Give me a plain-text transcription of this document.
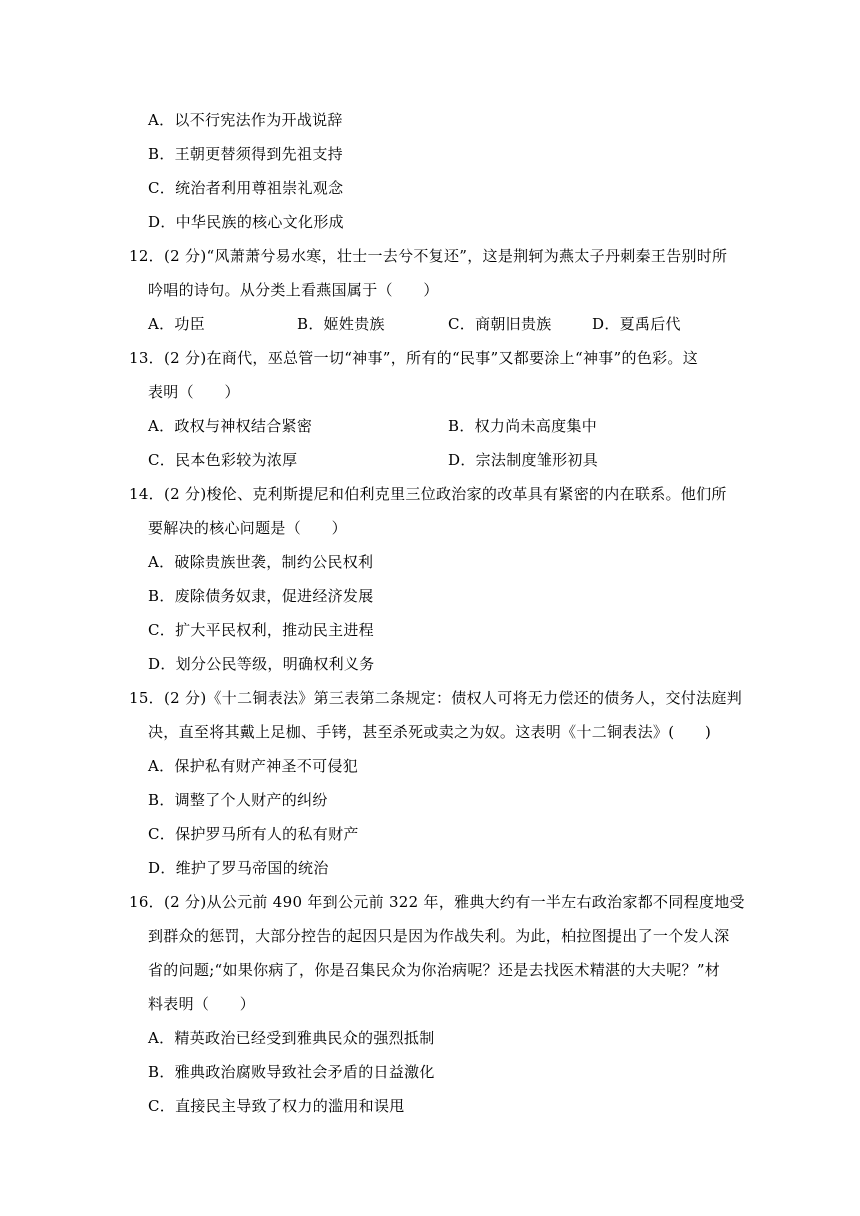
A．以不行宪法作为开战说辞
B．王朝更替须得到先祖支持
C．统治者利用尊祖崇礼观念
D．中华民族的核心文化形成
12．(2 分)“风萧萧兮易水寒，壮士一去兮不复还”，这是荆轲为燕太子丹刺秦王告别时所
吟唱的诗句。从分类上看燕国属于（　　）
A．功臣	B．姬姓贵族	C．商朝旧贵族	D．夏禹后代
13．(2 分)在商代，巫总管一切“神事”，所有的“民事”又都要涂上“神事”的色彩。这
表明（　　）
A．政权与神权结合紧密	B．权力尚未高度集中
C．民本色彩较为浓厚	D．宗法制度雏形初具
14．(2 分)梭伦、克利斯提尼和伯利克里三位政治家的改革具有紧密的内在联系。他们所
要解决的核心问题是（　　）
A．破除贵族世袭，制约公民权利
B．废除债务奴隶，促进经济发展
C．扩大平民权利，推动民主进程
D．划分公民等级，明确权利义务
15．(2 分)《十二铜表法》第三表第二条规定：债权人可将无力偿还的债务人，交付法庭判
决，直至将其戴上足枷、手铐，甚至杀死或卖之为奴。这表明《十二铜表法》(　　)
A．保护私有财产神圣不可侵犯
B．调整了个人财产的纠纷
C．保护罗马所有人的私有财产
D．维护了罗马帝国的统治
16．(2 分)从公元前 490 年到公元前 322 年，雅典大约有一半左右政治家都不同程度地受
到群众的惩罚，大部分控告的起因只是因为作战失利。为此，柏拉图提出了一个发人深
省的问题;“如果你病了，你是召集民众为你治病呢？还是去找医术精湛的大夫呢？”材
料表明（　　）
A．精英政治已经受到雅典民众的强烈抵制
B．雅典政治腐败导致社会矛盾的日益激化
C．直接民主导致了权力的滥用和误甩
